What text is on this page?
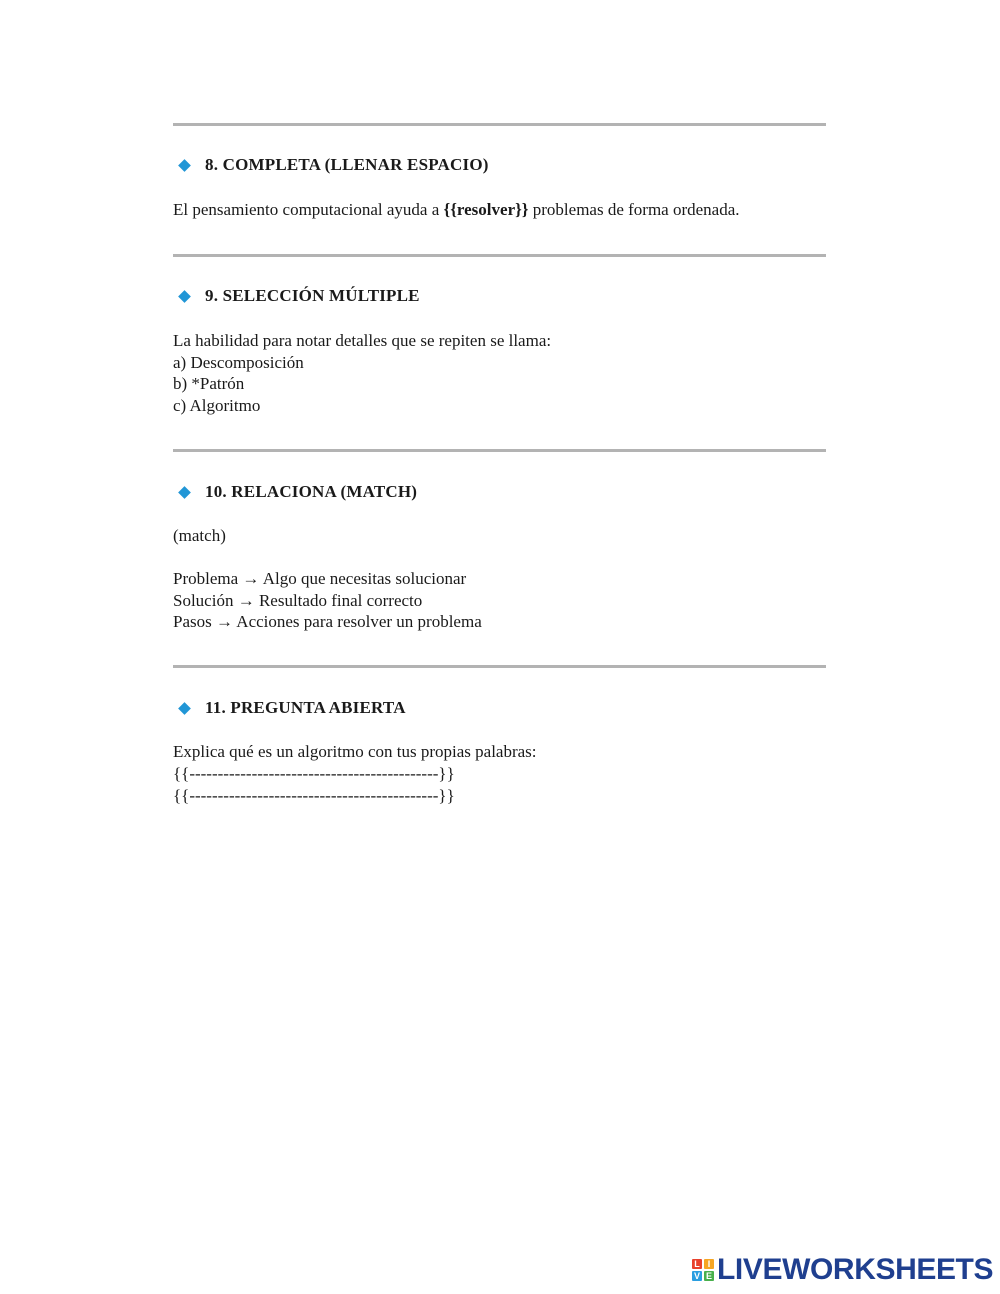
8. COMPLETA (LLENAR ESPACIO)
El pensamiento computacional ayuda a {{resolver}} problemas de forma ordenada.
9. SELECCIÓN MÚLTIPLE
La habilidad para notar detalles que se repiten se llama:
a) Descomposición
b) *Patrón
c) Algoritmo
10. RELACIONA (MATCH)
(match)
Problema → Algo que necesitas solucionar
Solución → Resultado final correcto
Pasos → Acciones para resolver un problema
11. PREGUNTA ABIERTA
Explica qué es un algoritmo con tus propias palabras:
{{--------------------------------------------}}
{{--------------------------------------------}}
L I
V E LIVEWORKSHEETS
